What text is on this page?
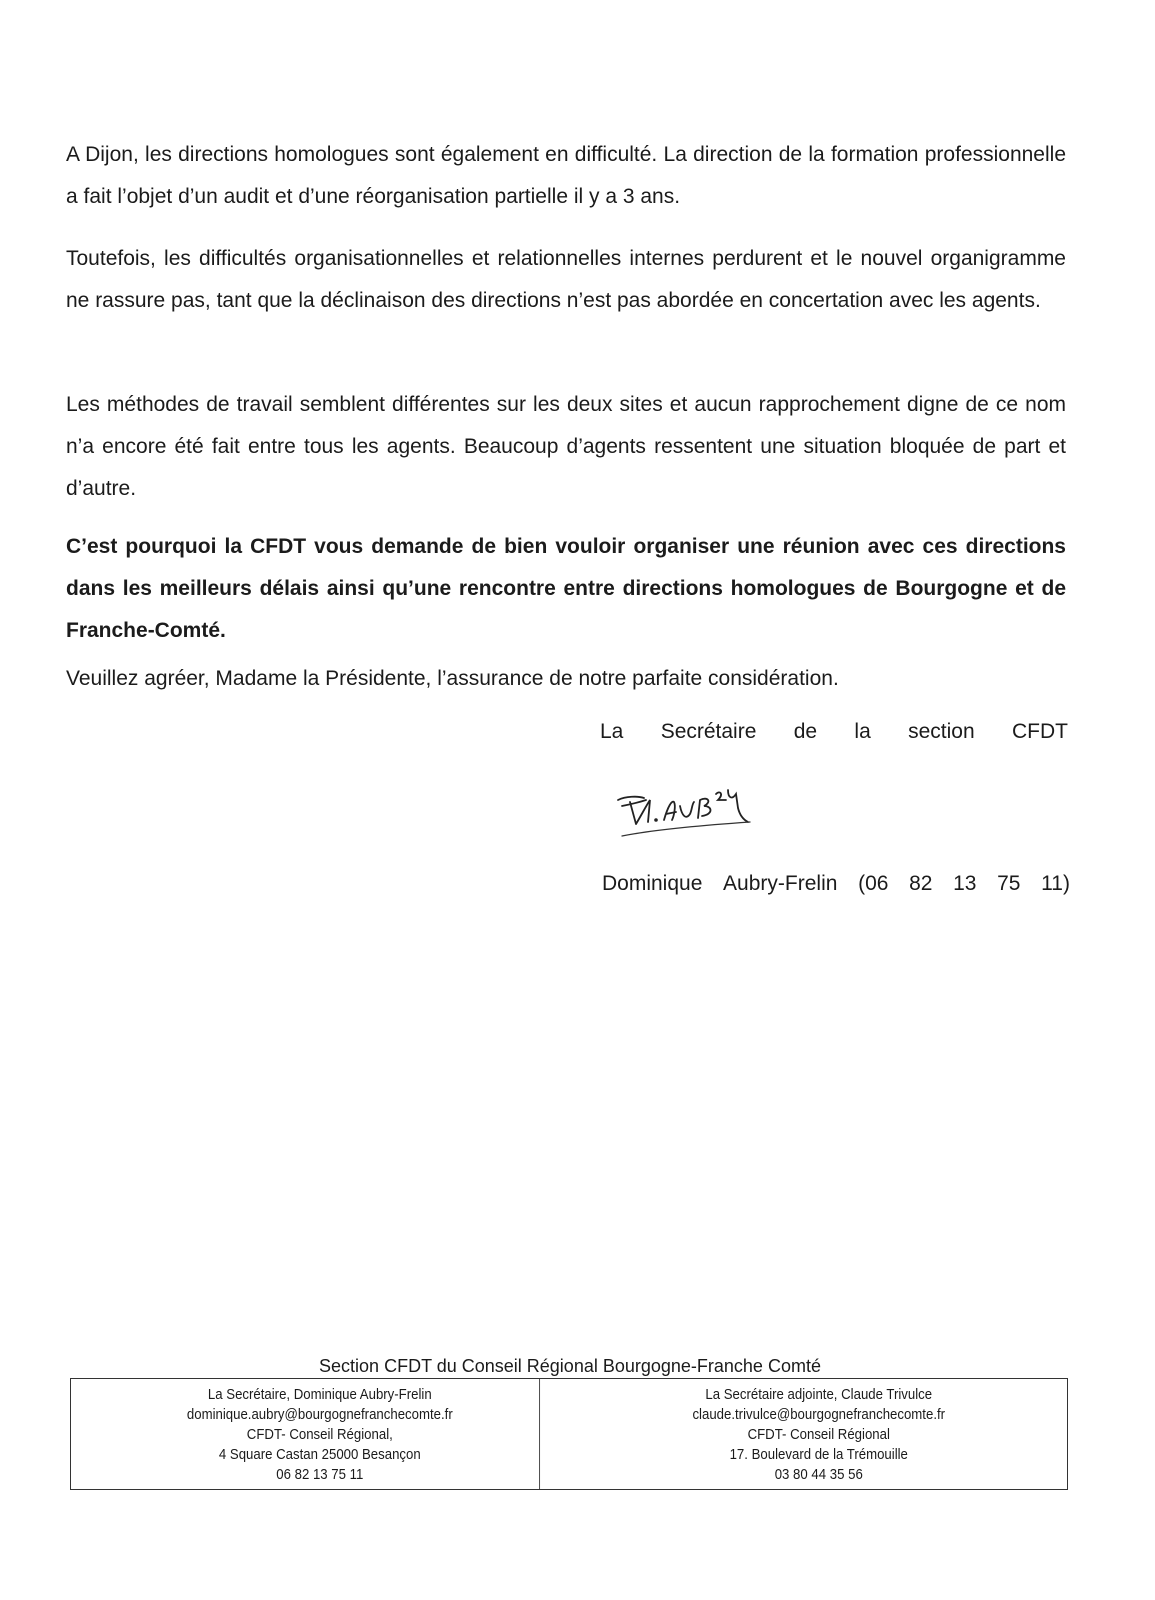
A Dijon, les directions homologues sont également en difficulté. La direction de la formation professionnelle a fait l’objet d’un audit et d’une réorganisation partielle il y a 3 ans.

Toutefois, les difficultés organisationnelles et relationnelles internes perdurent et le nouvel organigramme ne rassure pas, tant que la déclinaison des directions n’est pas abordée en concertation avec les agents.

Les méthodes de travail semblent différentes sur les deux sites et aucun rapprochement digne de ce nom n’a encore été fait entre tous les agents. Beaucoup d’agents ressentent une situation bloquée de part et d’autre.

C’est pourquoi la CFDT vous demande de bien vouloir organiser une réunion avec ces directions dans les meilleurs délais ainsi qu’une rencontre entre directions homologues de Bourgogne et de Franche-Comté.

Veuillez agréer, Madame la Présidente, l’assurance de notre parfaite considération.

La Secrétaire de la section CFDT
Dominique Aubry-Frelin (06 82 13 75 11)
Section CFDT du Conseil Régional Bourgogne-Franche Comté
La Secrétaire, Dominique Aubry-Frelin
dominique.aubry@bourgognefranchecomte.fr
CFDT- Conseil Régional,
4 Square Castan 25000 Besançon
06 82 13 75 11
La Secrétaire adjointe, Claude Trivulce
claude.trivulce@bourgognefranchecomte.fr
CFDT- Conseil Régional
17. Boulevard de la Trémouille
03 80 44 35 56
